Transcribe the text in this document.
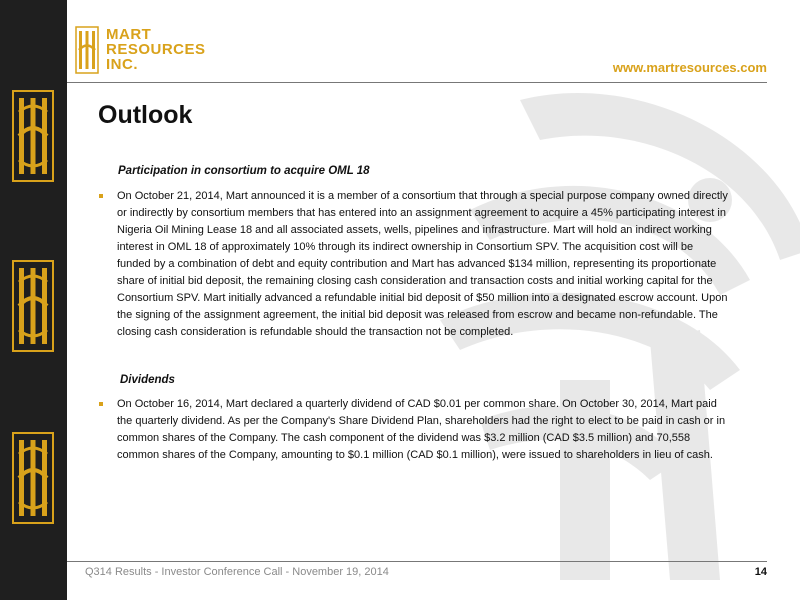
MART
RESOURCES
INC.	www.martresources.com
Outlook
Participation in consortium to acquire OML 18
On October 21, 2014, Mart announced it is a member of a consortium that through a special purpose company owned directly or indirectly by consortium members that has entered into an assignment agreement to acquire a 45% participating interest in Nigeria Oil Mining Lease 18 and all associated assets, wells, pipelines and infrastructure. Mart will hold an indirect working interest in OML 18 of approximately 10% through its indirect ownership in Consortium SPV. The acquisition cost will be funded by a combination of debt and equity contribution and Mart has advanced $134 million, representing its proportionate share of initial bid deposit, the remaining closing cash consideration and transaction costs and initial working capital for the Consortium SPV. Mart initially advanced a refundable initial bid deposit of $50 million into a designated escrow account. Upon the signing of the assignment agreement, the initial bid deposit was released from escrow and became non-refundable. The closing cash consideration is refundable should the transaction not be completed.
Dividends
On October 16, 2014, Mart declared a quarterly dividend of CAD $0.01 per common share. On October 30, 2014, Mart paid the quarterly dividend. As per the Company's Share Dividend Plan, shareholders had the right to elect to be paid in cash or in common shares of the Company. The cash component of the dividend was $3.2 million (CAD $3.5 million) and 70,558 common shares of the Company, amounting to $0.1 million (CAD $0.1 million), were issued to shareholders in lieu of cash.
Q314 Results - Investor Conference Call - November 19, 2014	14
